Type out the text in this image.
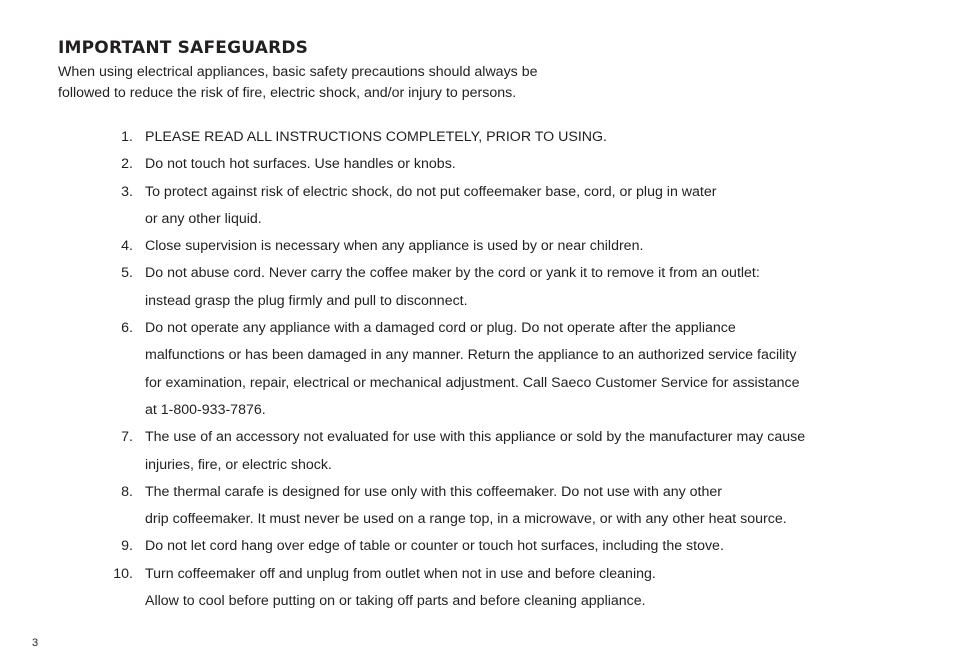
IMPORTANT SAFEGUARDS
When using electrical appliances, basic safety precautions should always be
followed to reduce the risk of fire, electric shock, and/or injury to persons.
1. PLEASE READ ALL INSTRUCTIONS COMPLETELY, PRIOR TO USING.
2. Do not touch hot surfaces. Use handles or knobs.
3. To protect against risk of electric shock, do not put coffeemaker base, cord, or plug in water
or any other liquid.
4. Close supervision is necessary when any appliance is used by or near children.
5. Do not abuse cord. Never carry the coffee maker by the cord or yank it to remove it from an outlet:
instead grasp the plug firmly and pull to disconnect.
6. Do not operate any appliance with a damaged cord or plug. Do not operate after the appliance
malfunctions or has been damaged in any manner. Return the appliance to an authorized service facility
for examination, repair, electrical or mechanical adjustment. Call Saeco Customer Service for assistance
at 1-800-933-7876.
7. The use of an accessory not evaluated for use with this appliance or sold by the manufacturer may cause
injuries, fire, or electric shock.
8. The thermal carafe is designed for use only with this coffeemaker. Do not use with any other
drip coffeemaker. It must never be used on a range top, in a microwave, or with any other heat source.
9. Do not let cord hang over edge of table or counter or touch hot surfaces, including the stove.
10. Turn coffeemaker off and unplug from outlet when not in use and before cleaning.
Allow to cool before putting on or taking off parts and before cleaning appliance.
3
